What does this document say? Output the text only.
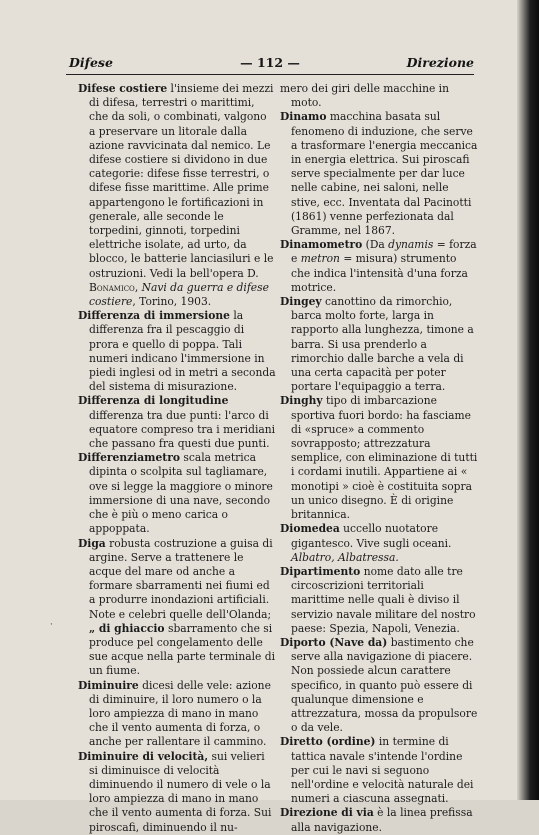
Difese	— 112 —	Direzione

Difese costiere l'insieme dei mezzi di difesa, terrestri o marittimi, che da soli, o combinati, valgono a preservare un litorale dalla azione ravvicinata dal nemico. Le difese costiere si dividono in due categorie: difese fisse terrestri, o difese fisse marittime. Alle prime appartengono le fortificazioni in generale, alle seconde le torpedini, ginnoti, torpedini elettriche isolate, ad urto, da blocco, le batterie lanciasiluri e le ostruzioni. Vedi la bell'opera D. Bonamico, Navi da guerra e difese costiere, Torino, 1903.

Differenza di immersione la differenza fra il pescaggio di prora e quello di poppa. Tali numeri indicano l'immersione in piedi inglesi od in metri a seconda del sistema di misurazione.

Differenza di longitudine differenza tra due punti: l'arco di equatore compreso tra i meridiani che passano fra questi due punti.

Differenziametro scala metrica dipinta o scolpita sul tagliamare, ove si legge la maggiore o minore immersione di una nave, secondo che è più o meno carica o appoppata.

Diga robusta costruzione a guisa di argine. Serve a trattenere le acque del mare od anche a formare sbarramenti nei fiumi ed a produrre inondazioni artificiali. Note e celebri quelle dell'Olanda; „ di ghiaccio sbarramento che si produce pel congelamento delle sue acque nella parte terminale di un fiume.

Diminuire dicesi delle vele: azione di diminuire, il loro numero o la loro ampiezza di mano in mano che il vento aumenta di forza, o anche per rallentare il cammino.

Diminuire di velocità, sui velieri si diminuisce di velocità diminuendo il numero di vele o la loro ampiezza di mano in mano che il vento aumenta di forza. Sui piroscafi, diminuendo il nu-

mero dei giri delle macchine in moto.

Dinamo macchina basata sul fenomeno di induzione, che serve a trasformare l'energia meccanica in energia elettrica. Sui piroscafi serve specialmente per dar luce nelle cabine, nei saloni, nelle stive, ecc. Inventata dal Pacinotti (1861) venne perfezionata dal Gramme, nel 1867.

Dinamometro (Da dynamis = forza e metron = misura) strumento che indica l'intensità d'una forza motrice.

Dingey canottino da rimorchio, barca molto forte, larga in rapporto alla lunghezza, timone a barra. Si usa prenderlo a rimorchio dalle barche a vela di una certa capacità per poter portare l'equipaggio a terra.

Dinghy tipo di imbarcazione sportiva fuori bordo: ha fasciame di «spruce» a commento sovrapposto; attrezzatura semplice, con eliminazione di tutti i cordami inutili. Appartiene ai « monotipi » cioè è costituita sopra un unico disegno. È di origine britannica.

Diomedea uccello nuotatore gigantesco. Vive sugli oceani. Albatro, Albatressa.

Dipartimento nome dato alle tre circoscrizioni territoriali marittime nelle quali è diviso il servizio navale militare del nostro paese: Spezia, Napoli, Venezia.

Diporto (Nave da) bastimento che serve alla navigazione di piacere. Non possiede alcun carattere specifico, in quanto può essere di qualunque dimensione e attrezzatura, mossa da propulsore o da vele.

Diretto (ordine) in termine di tattica navale s'intende l'ordine per cui le navi si seguono nell'ordine e velocità naturale dei numeri a ciascuna assegnati.

Direzione di via è la linea prefissa alla navigazione.

·
